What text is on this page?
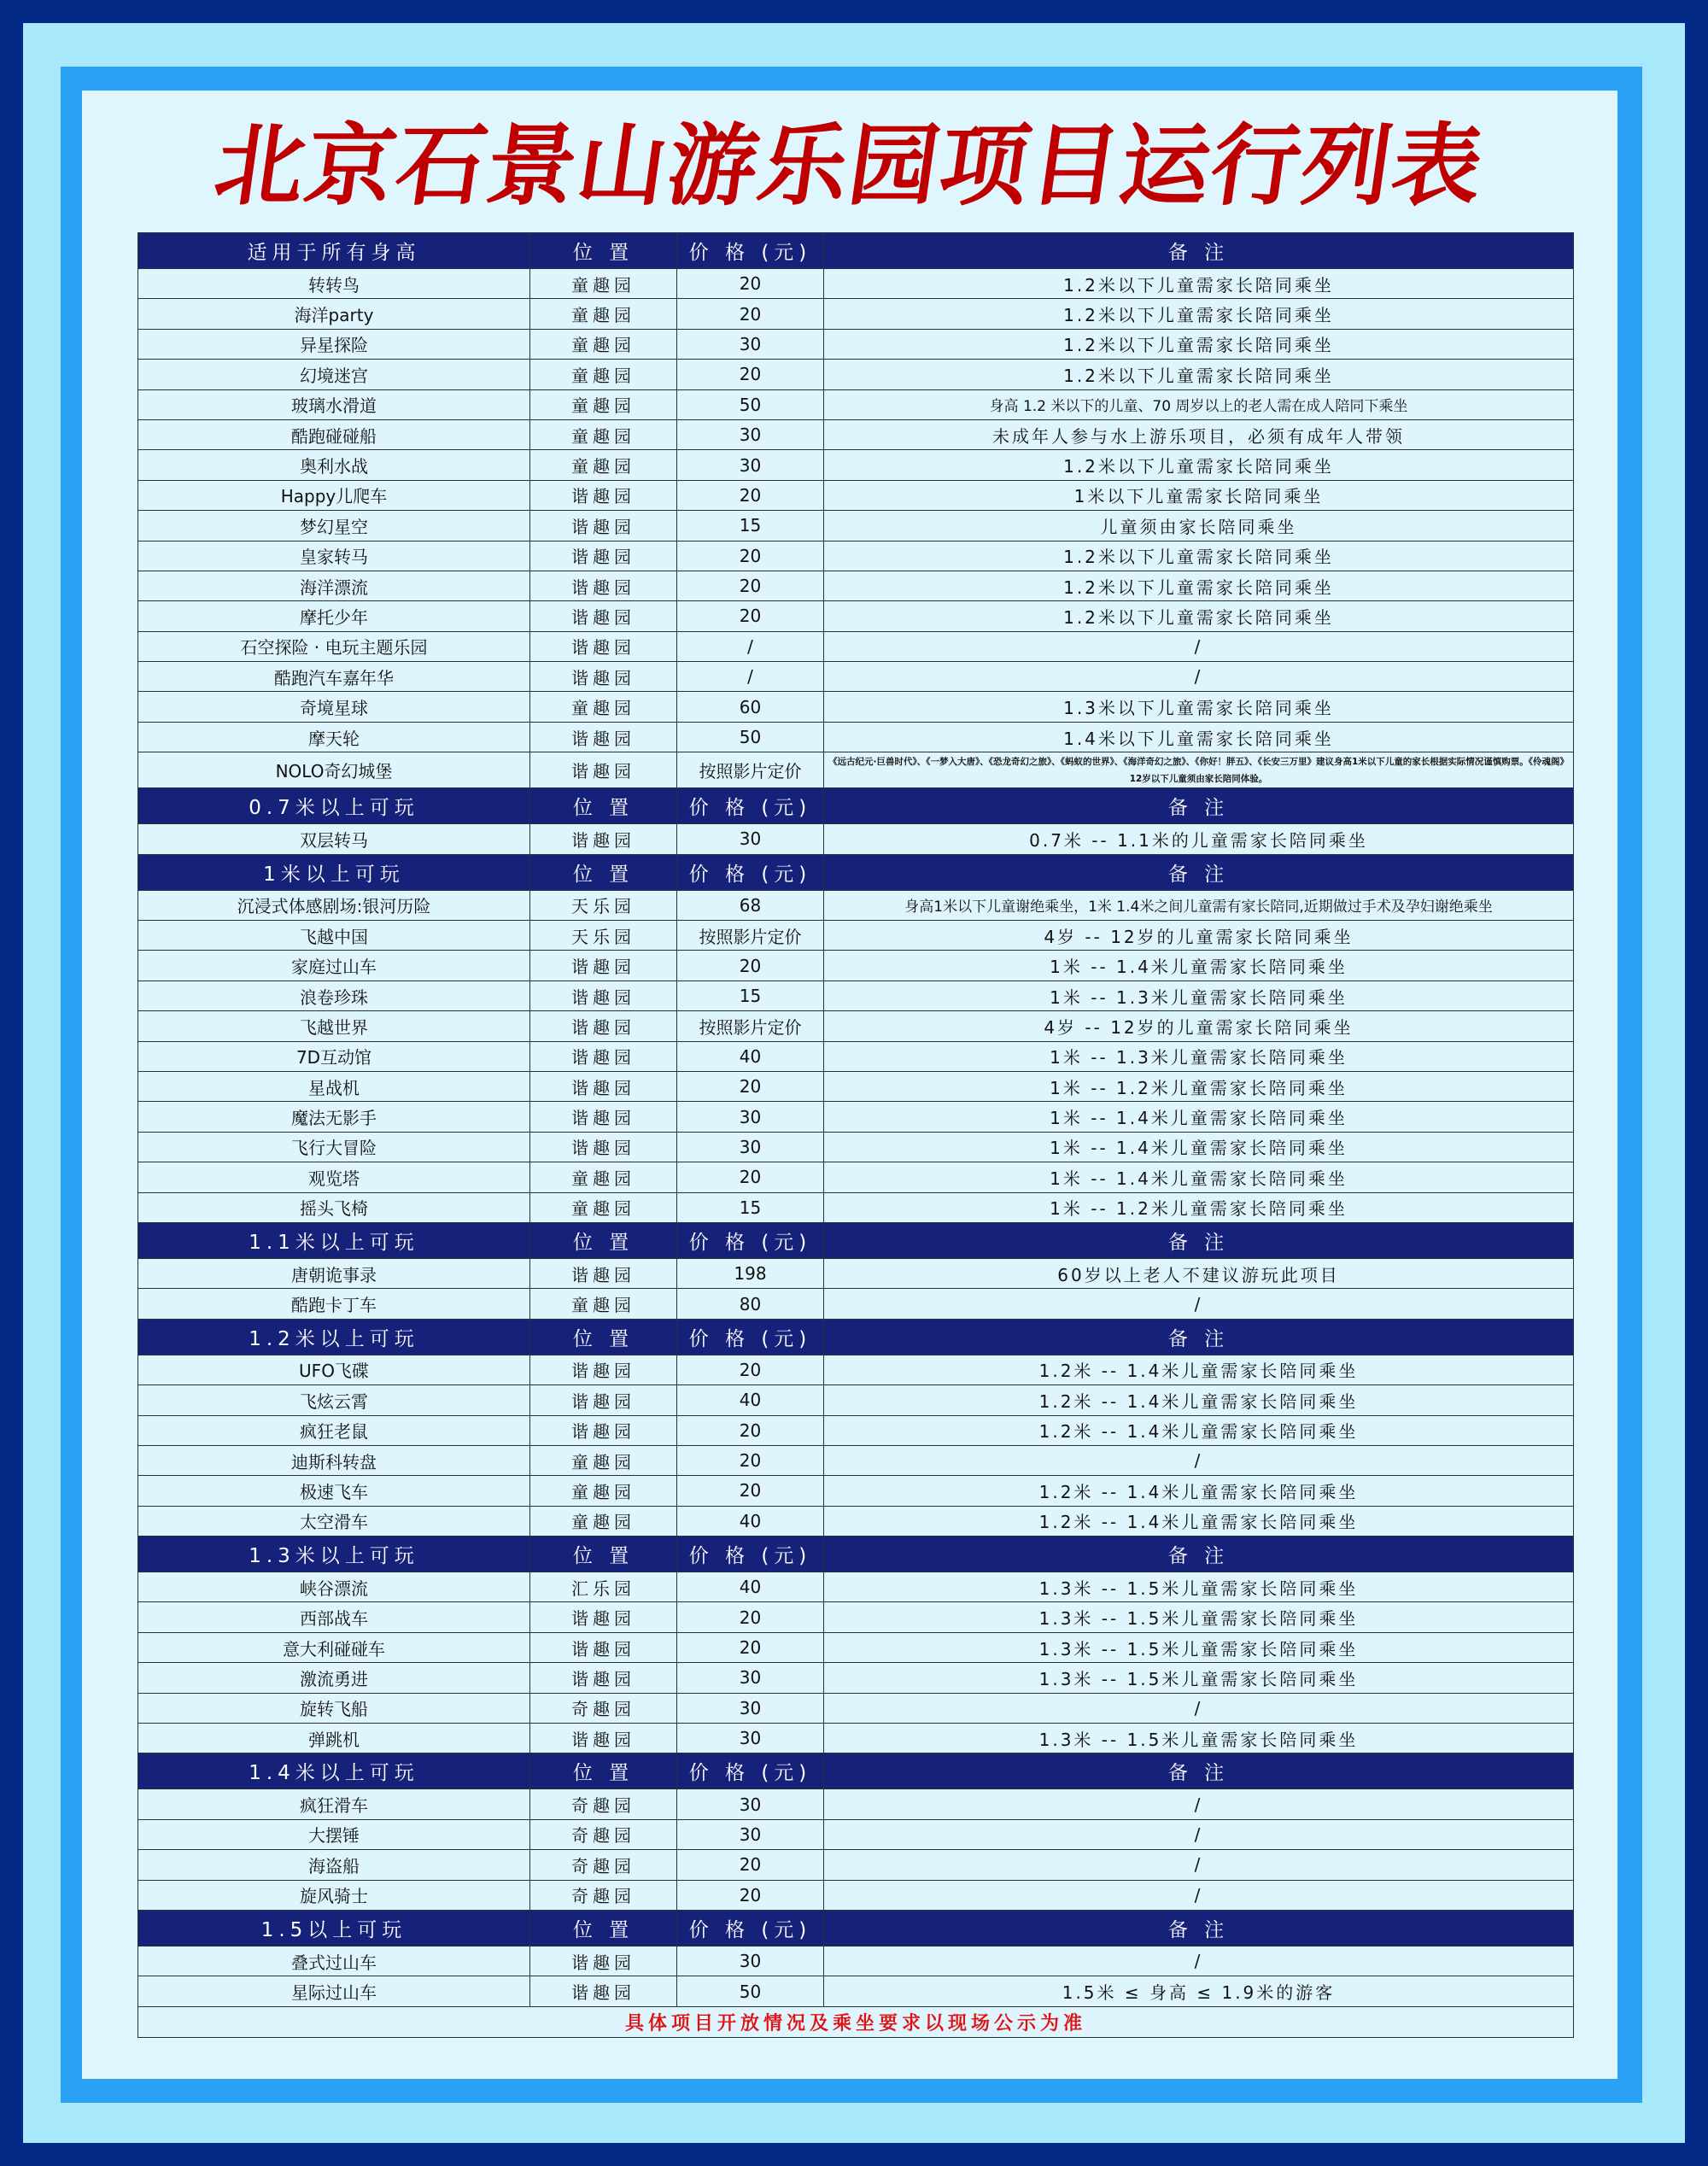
北京石景山游乐园项目运行列表
适用于所有身高	位 置	价 格 (元)	备 注
转转鸟	童趣园	20	1.2米以下儿童需家长陪同乘坐
海洋party	童趣园	20	1.2米以下儿童需家长陪同乘坐
异星探险	童趣园	30	1.2米以下儿童需家长陪同乘坐
幻境迷宫	童趣园	20	1.2米以下儿童需家长陪同乘坐
玻璃水滑道	童趣园	50	身高 1.2 米以下的儿童、70 周岁以上的老人需在成人陪同下乘坐
酷跑碰碰船	童趣园	30	未成年人参与水上游乐项目，必须有成年人带领
奥利水战	童趣园	30	1.2米以下儿童需家长陪同乘坐
Happy儿爬车	谐趣园	20	1米以下儿童需家长陪同乘坐
梦幻星空	谐趣园	15	儿童须由家长陪同乘坐
皇家转马	谐趣园	20	1.2米以下儿童需家长陪同乘坐
海洋漂流	谐趣园	20	1.2米以下儿童需家长陪同乘坐
摩托少年	谐趣园	20	1.2米以下儿童需家长陪同乘坐
石空探险 · 电玩主题乐园	谐趣园	/	/
酷跑汽车嘉年华	谐趣园	/	/
奇境星球	童趣园	60	1.3米以下儿童需家长陪同乘坐
摩天轮	谐趣园	50	1.4米以下儿童需家长陪同乘坐
NOLO奇幻城堡	谐趣园	按照影片定价	《远古纪元·巨兽时代》、《一梦入大唐》、《恐龙奇幻之旅》、《蚂蚁的世界》、《海洋奇幻之旅》、《你好！胖五》、《长安三万里》建议身高1米以下儿童的家长根据实际情况谨慎购票。《伶魂阁》12岁以下儿童须由家长陪同体验。
0.7米以上可玩	位 置	价 格 (元)	备 注
双层转马	谐趣园	30	0.7米 -- 1.1米的儿童需家长陪同乘坐
1米以上可玩	位 置	价 格 (元)	备 注
沉浸式体感剧场:银河历险	天乐园	68	身高1米以下儿童谢绝乘坐，1米 1.4米之间儿童需有家长陪同,近期做过手术及孕妇谢绝乘坐
飞越中国	天乐园	按照影片定价	4岁 -- 12岁的儿童需家长陪同乘坐
家庭过山车	谐趣园	20	1米 -- 1.4米儿童需家长陪同乘坐
浪卷珍珠	谐趣园	15	1米 -- 1.3米儿童需家长陪同乘坐
飞越世界	谐趣园	按照影片定价	4岁 -- 12岁的儿童需家长陪同乘坐
7D互动馆	谐趣园	40	1米 -- 1.3米儿童需家长陪同乘坐
星战机	谐趣园	20	1米 -- 1.2米儿童需家长陪同乘坐
魔法无影手	谐趣园	30	1米 -- 1.4米儿童需家长陪同乘坐
飞行大冒险	谐趣园	30	1米 -- 1.4米儿童需家长陪同乘坐
观览塔	童趣园	20	1米 -- 1.4米儿童需家长陪同乘坐
摇头飞椅	童趣园	15	1米 -- 1.2米儿童需家长陪同乘坐
1.1米以上可玩	位 置	价 格 (元)	备 注
唐朝诡事录	谐趣园	198	60岁以上老人不建议游玩此项目
酷跑卡丁车	童趣园	80	/
1.2米以上可玩	位 置	价 格 (元)	备 注
UFO飞碟	谐趣园	20	1.2米 -- 1.4米儿童需家长陪同乘坐
飞炫云霄	谐趣园	40	1.2米 -- 1.4米儿童需家长陪同乘坐
疯狂老鼠	谐趣园	20	1.2米 -- 1.4米儿童需家长陪同乘坐
迪斯科转盘	童趣园	20	/
极速飞车	童趣园	20	1.2米 -- 1.4米儿童需家长陪同乘坐
太空滑车	童趣园	40	1.2米 -- 1.4米儿童需家长陪同乘坐
1.3米以上可玩	位 置	价 格 (元)	备 注
峡谷漂流	汇乐园	40	1.3米 -- 1.5米儿童需家长陪同乘坐
西部战车	谐趣园	20	1.3米 -- 1.5米儿童需家长陪同乘坐
意大利碰碰车	谐趣园	20	1.3米 -- 1.5米儿童需家长陪同乘坐
激流勇进	谐趣园	30	1.3米 -- 1.5米儿童需家长陪同乘坐
旋转飞船	奇趣园	30	/
弹跳机	谐趣园	30	1.3米 -- 1.5米儿童需家长陪同乘坐
1.4米以上可玩	位 置	价 格 (元)	备 注
疯狂滑车	奇趣园	30	/
大摆锤	奇趣园	30	/
海盗船	奇趣园	20	/
旋风骑士	奇趣园	20	/
1.5以上可玩	位 置	价 格 (元)	备 注
叠式过山车	谐趣园	30	/
星际过山车	谐趣园	50	1.5米 ≤ 身高 ≤ 1.9米的游客
具体项目开放情况及乘坐要求以现场公示为准			
